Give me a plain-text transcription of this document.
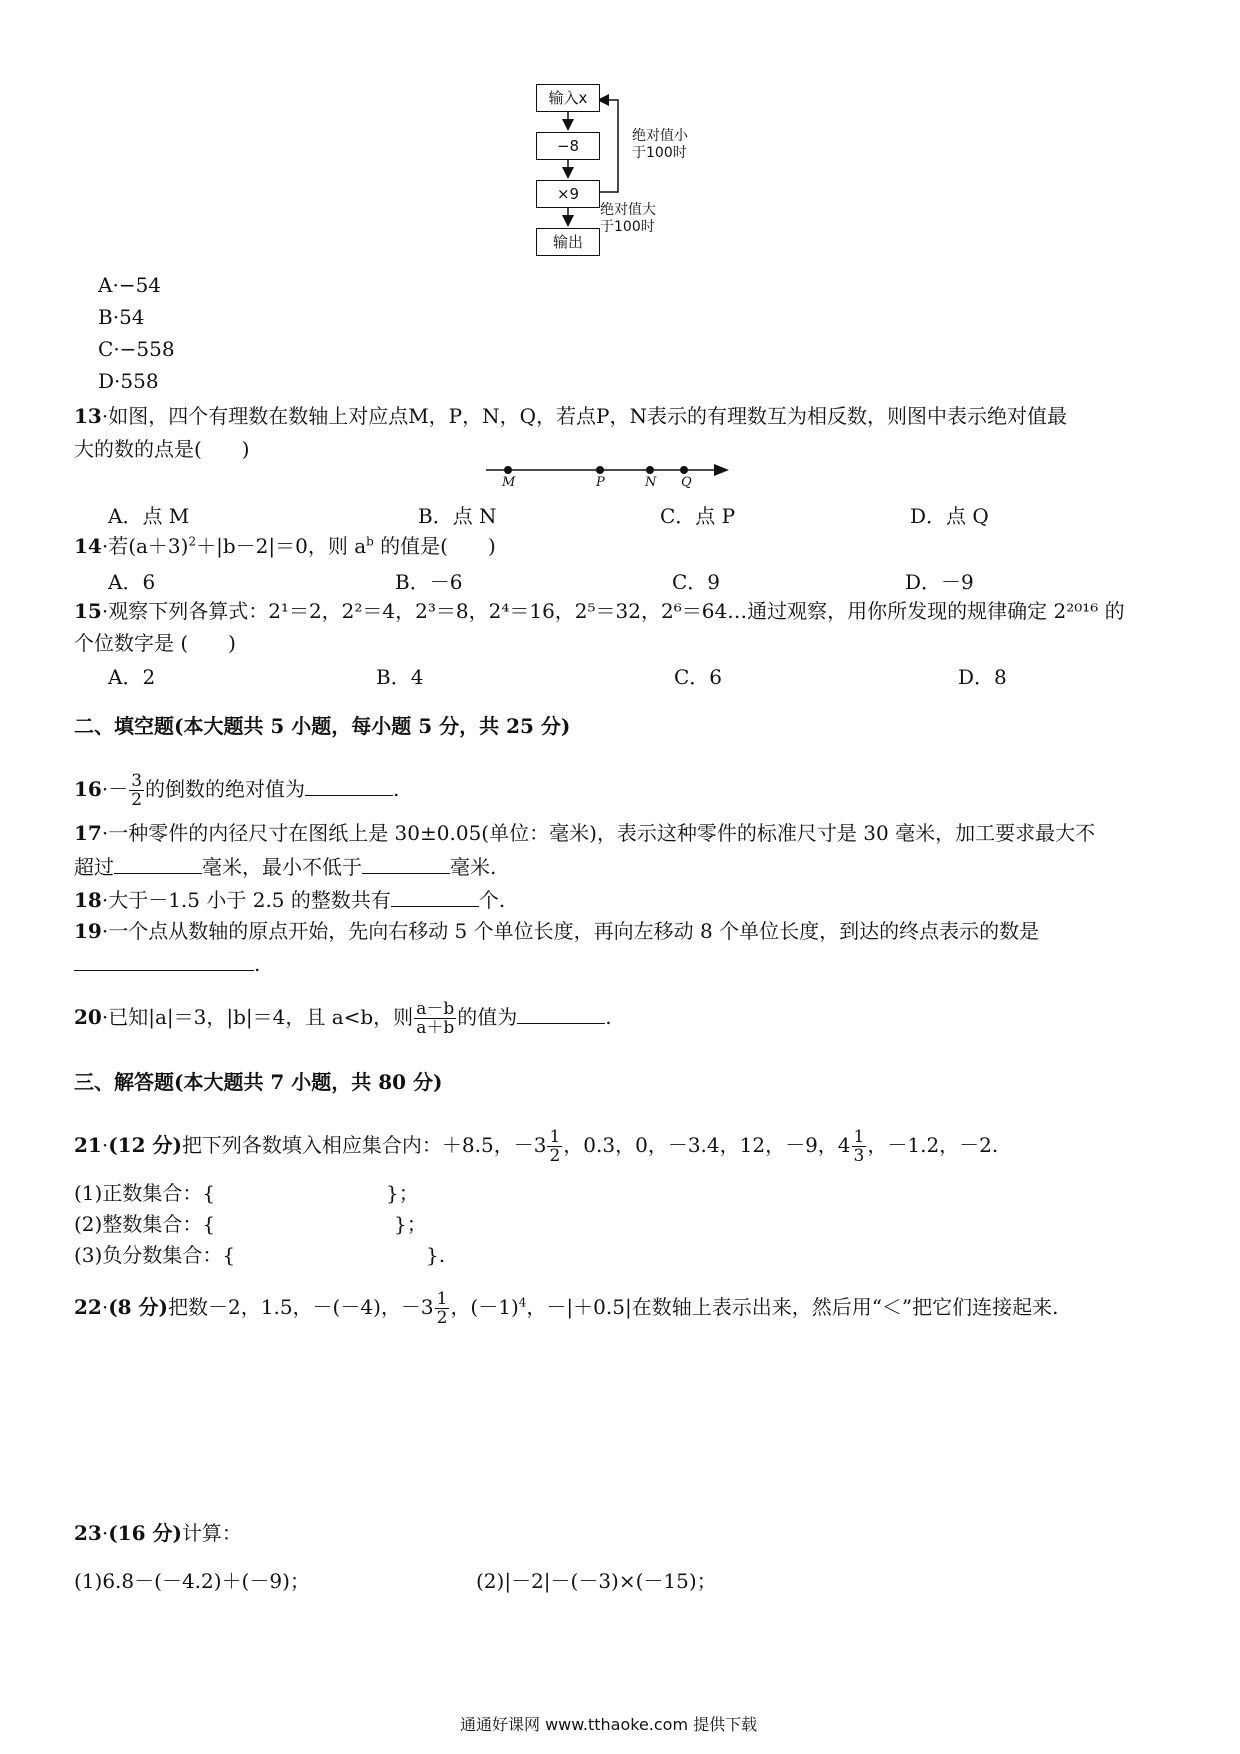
输入x
−8
×9
输出
绝对值小
于100时
绝对值大
于100时
A·−54
B·54
C·−558
D·558
13·如图，四个有理数在数轴上对应点M，P，N，Q，若点P，N表示的有理数互为相反数，则图中表示绝对值最
大的数的点是(　　)
M	P	N Q
A．点 M	B．点 N	C．点 P	D．点 Q
14·若$(a+3)^2+|b-2|=0$，则 $a^b$ 的值是(　　)
A．6	B．－6	C．9	D．－9
15·观察下列各算式：2¹＝2，2²＝4，2³＝8，2⁴＝16，2⁵＝32，2⁶＝64…通过观察，用你所发现的规律确定 2²⁰¹⁶ 的
个位数字是 (　　)
A．2	B．4	C．6	D．8
二、填空题(本大题共 5 小题，每小题 5 分，共 25 分)
$16\cdot- \frac{3}{2}$ 的倒数的绝对值为	.
17·一种零件的内径尺寸在图纸上是 30±0.05(单位：毫米)，表示这种零件的标准尺寸是 30 毫米，加工要求最大不
超过	毫米，最小不低于	毫米.
18·大于－1.5 小于 2.5 的整数共有	个.
19·一个点从数轴的原点开始，先向右移动 5 个单位长度，再向左移动 8 个单位长度，到达的终点表示的数是
.
20·已知|a|＝3，|b|＝4，且 a<b，则 $\frac{a-b}{a+b}$ 的值为	.
三、解答题(本大题共 7 小题，共 80 分)
21·(12 分)把下列各数填入相应集合内：＋8.5，$-3 \frac{1}{2}$ ，0.3，0，－3.4，12，－9，$4 \frac{1}{3}$ ，－1.2，－2.
(1)正数集合：{	}；
(2)整数集合：{	}；
(3)负分数集合：{	}.
22·(8 分)把数－2，1.5，－(－4)，$-3 \frac{1}{2}$ ，$(-1)^4$，－|＋0.5|在数轴上表示出来，然后用“＜”把它们连接起来.
23·(16 分)计算：
(1)6.8－(－4.2)＋(－9)；	(2)|－2|－(－3)×(－15)；
通通好课网 www.tthaoke.com 提供下载
